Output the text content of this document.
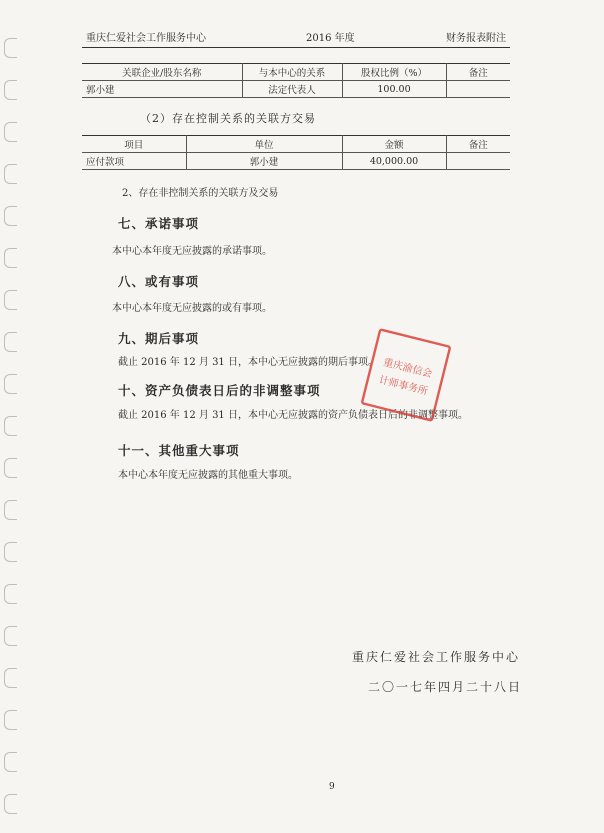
重庆仁爱社会工作服务中心	2016 年度	财务报表附注
关联企业/股东名称	与本中心的关系	股权比例（%）	备注
郭小建	法定代表人	100.00	
（2）存在控制关系的关联方交易
项目	单位	金额	备注
应付款项	郭小建	40,000.00	
2、存在非控制关系的关联方及交易
七、承诺事项
本中心本年度无应披露的承诺事项。
八、或有事项
本中心本年度无应披露的或有事项。
九、期后事项
截止 2016 年 12 月 31 日，本中心无应披露的期后事项。
十、资产负债表日后的非调整事项
截止 2016 年 12 月 31 日，本中心无应披露的资产负债表日后的非调整事项。
十一、其他重大事项
本中心本年度无应披露的其他重大事项。
重庆渝信会计师事务所
重庆仁爱社会工作服务中心
二〇一七年四月二十八日
9
